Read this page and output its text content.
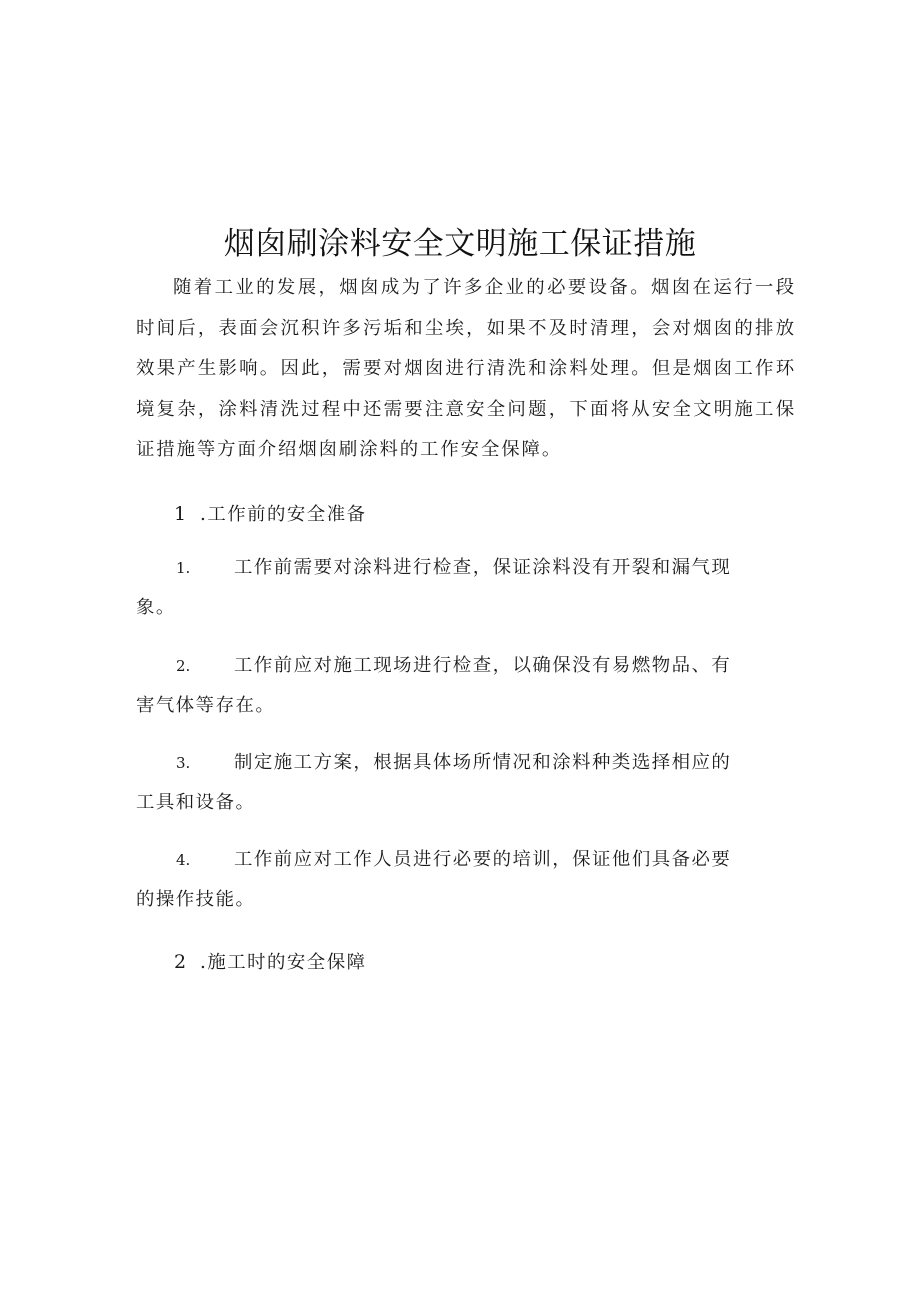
烟囱刷涂料安全文明施工保证措施

随着工业的发展，烟囱成为了许多企业的必要设备。烟囱在运行一段时间后，表面会沉积许多污垢和尘埃，如果不及时清理，会对烟囱的排放效果产生影响。因此，需要对烟囱进行清洗和涂料处理。但是烟囱工作环境复杂，涂料清洗过程中还需要注意安全问题，下面将从安全文明施工保证措施等方面介绍烟囱刷涂料的工作安全保障。

1 .工作前的安全准备

1. 工作前需要对涂料进行检查，保证涂料没有开裂和漏气现
象。

2. 工作前应对施工现场进行检查，以确保没有易燃物品、有
害气体等存在。

3. 制定施工方案，根据具体场所情况和涂料种类选择相应的
工具和设备。

4. 工作前应对工作人员进行必要的培训，保证他们具备必要
的操作技能。

2 .施工时的安全保障
